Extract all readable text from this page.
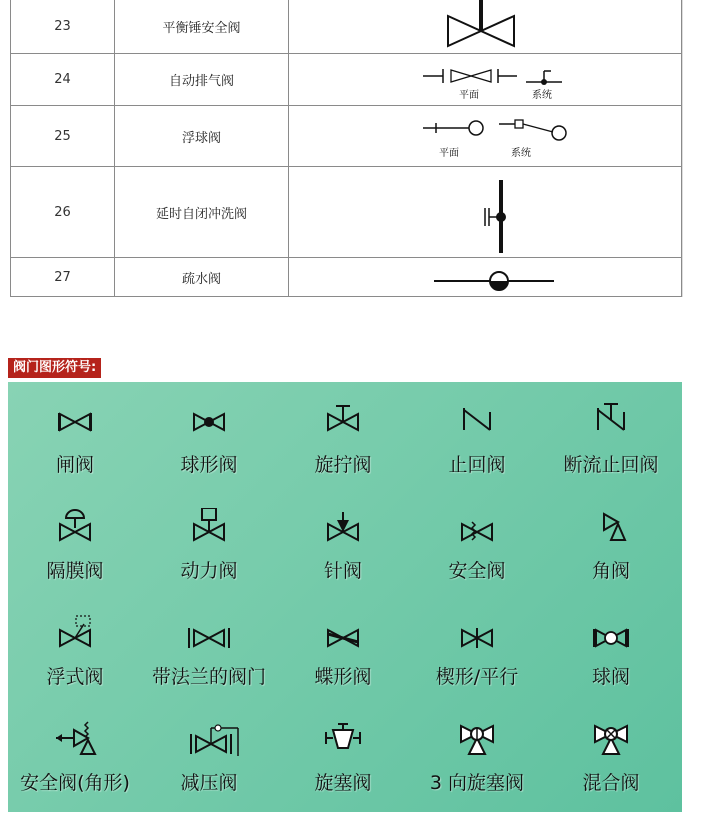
23	平衡锤安全阀
24	自动排气阀
平面	系统
25	浮球阀
平面	系统
26	延时自闭冲洗阀
27	疏水阀
阀门图形符号:
闸阀	球形阀	旋拧阀	止回阀	断流止回阀
隔膜阀	动力阀	针阀	安全阀	角阀
浮式阀	带法兰的阀门	蝶形阀	楔形/平行	球阀
安全阀(角形)	减压阀	旋塞阀	3 向旋塞阀	混合阀
